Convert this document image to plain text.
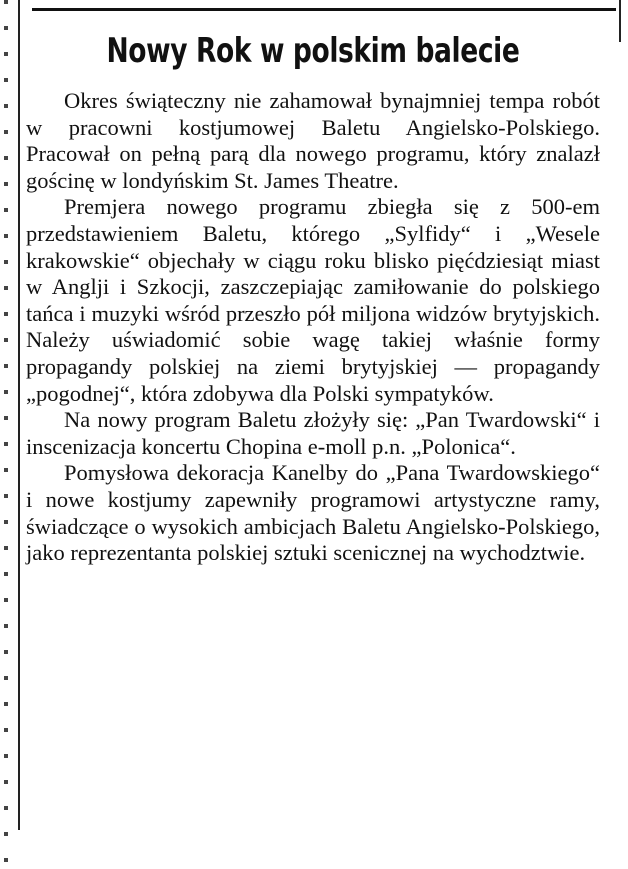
Nowy Rok w polskim balecie

Okres świąteczny nie zahamował bynajmniej tempa robót w pracowni kostjumowej Baletu Angielsko-Polskiego. Pracował on pełną parą dla nowego programu, który znalazł gościnę w londyńskim St. James Theatre.

Premjera nowego programu zbiegła się z 500-em przedstawieniem Baletu, którego „Sylfidy“ i „Wesele krakowskie“ objechały w ciągu roku blisko pięćdziesiąt miast w Anglji i Szkocji, zaszczepiając zamiłowanie do polskiego tańca i muzyki wśród przeszło pół miljona widzów brytyjskich. Należy uświadomić sobie wagę takiej właśnie formy propagandy polskiej na ziemi brytyjskiej — propagandy „pogodnej“, która zdobywa dla Polski sympatyków.

Na nowy program Baletu złożyły się: „Pan Twardowski“ i inscenizacja koncertu Chopina e-moll p.n. „Polonica“.

Pomysłowa dekoracja Kanelby do „Pana Twardowskiego“ i nowe kostjumy zapewniły programowi artystyczne ramy, świadczące o wysokich ambicjach Baletu Angielsko-Polskiego, jako reprezentanta polskiej sztuki scenicznej na wychodztwie.
